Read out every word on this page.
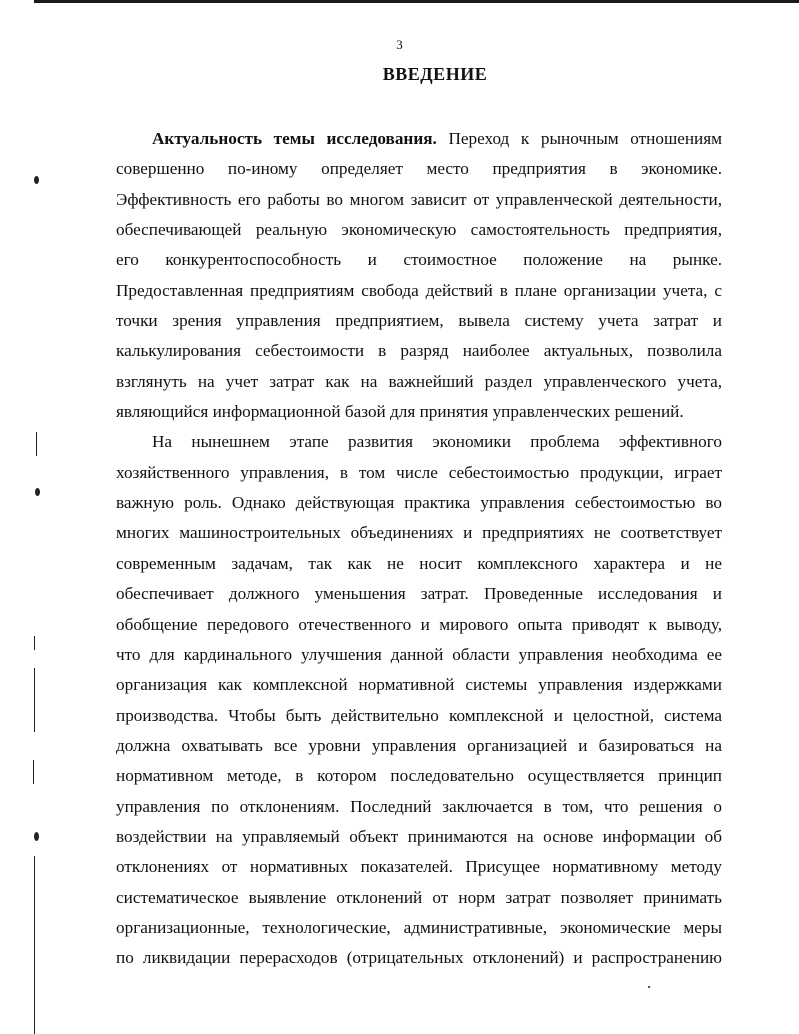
3
ВВЕДЕНИЕ
Актуальность темы исследования. Переход к рыночным отношениям
совершенно по-иному определяет место предприятия в экономике.
Эффективность его работы во многом зависит от управленческой деятельности,
обеспечивающей реальную экономическую самостоятельность предприятия,
его конкурентоспособность и стоимостное положение на рынке.
Предоставленная предприятиям свобода действий в плане организации учета, с
точки зрения управления предприятием, вывела систему учета затрат и
калькулирования себестоимости в разряд наиболее актуальных, позволила
взглянуть на учет затрат как на важнейший раздел управленческого учета,
являющийся информационной базой для принятия управленческих решений.
На нынешнем этапе развития экономики проблема эффективного
хозяйственного управления, в том числе себестоимостью продукции, играет
важную роль. Однако действующая практика управления себестоимостью во
многих машиностроительных объединениях и предприятиях не соответствует
современным задачам, так как не носит комплексного характера и не
обеспечивает должного уменьшения затрат. Проведенные исследования и
обобщение передового отечественного и мирового опыта приводят к выводу,
что для кардинального улучшения данной области управления необходима ее
организация как комплексной нормативной системы управления издержками
производства. Чтобы быть действительно комплексной и целостной, система
должна охватывать все уровни управления организацией и базироваться на
нормативном методе, в котором последовательно осуществляется принцип
управления по отклонениям. Последний заключается в том, что решения о
воздействии на управляемый объект принимаются на основе информации об
отклонениях от нормативных показателей. Присущее нормативному методу
систематическое выявление отклонений от норм затрат позволяет принимать
организационные, технологические, административные, экономические меры
по ликвидации перерасходов (отрицательных отклонений) и распространению
